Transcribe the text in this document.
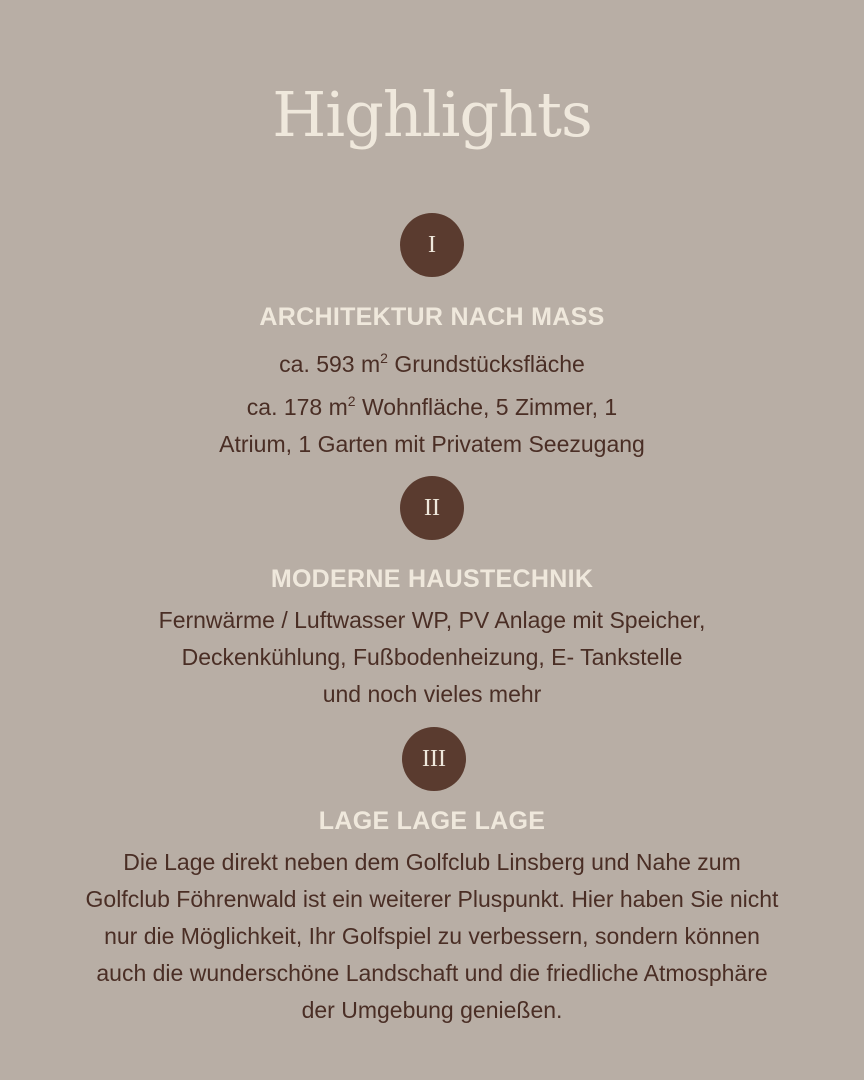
Highlights
I
ARCHITEKTUR NACH MASS
ca. 593 $m^2$ Grundstücksfläche
ca. 178 $m^2$ Wohnfläche, 5 Zimmer, 1
Atrium, 1 Garten mit Privatem Seezugang
II
MODERNE HAUSTECHNIK
Fernwärme / Luftwasser WP, PV Anlage mit Speicher,
Deckenkühlung, Fußbodenheizung, E- Tankstelle
und noch vieles mehr
III
LAGE LAGE LAGE
Die Lage direkt neben dem Golfclub Linsberg und Nahe zum
Golfclub Föhrenwald ist ein weiterer Pluspunkt. Hier haben Sie nicht
nur die Möglichkeit, Ihr Golfspiel zu verbessern, sondern können
auch die wunderschöne Landschaft und die friedliche Atmosphäre
der Umgebung genießen.
